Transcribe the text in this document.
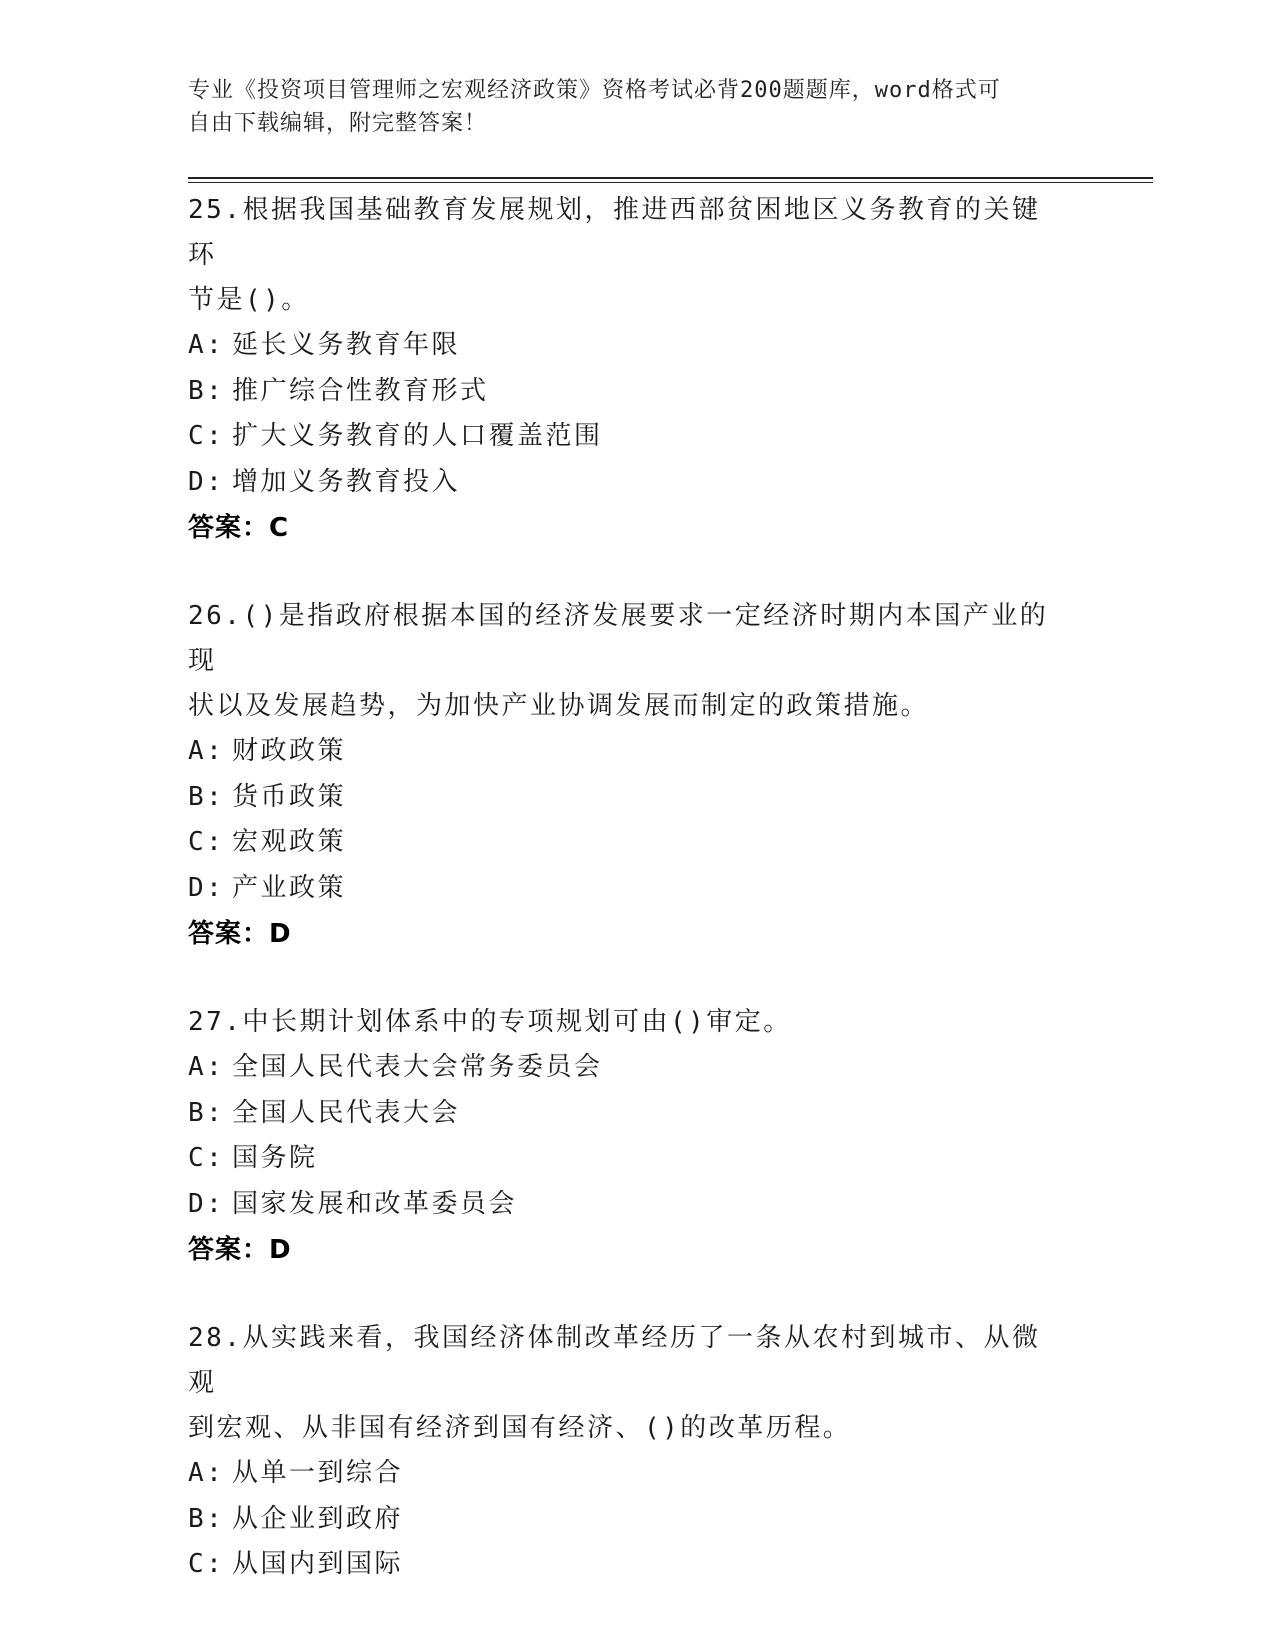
专业《投资项目管理师之宏观经济政策》资格考试必背200题题库，word格式可
自由下载编辑，附完整答案！
25.根据我国基础教育发展规划，推进西部贫困地区义务教育的关键环
节是()。
A: 延长义务教育年限
B: 推广综合性教育形式
C: 扩大义务教育的人口覆盖范围
D: 增加义务教育投入
答案：C
26.()是指政府根据本国的经济发展要求一定经济时期内本国产业的现
状以及发展趋势，为加快产业协调发展而制定的政策措施。
A: 财政政策
B: 货币政策
C: 宏观政策
D: 产业政策
答案：D
27.中长期计划体系中的专项规划可由()审定。
A: 全国人民代表大会常务委员会
B: 全国人民代表大会
C: 国务院
D: 国家发展和改革委员会
答案：D
28.从实践来看，我国经济体制改革经历了一条从农村到城市、从微观
到宏观、从非国有经济到国有经济、()的改革历程。
A: 从单一到综合
B: 从企业到政府
C: 从国内到国际
